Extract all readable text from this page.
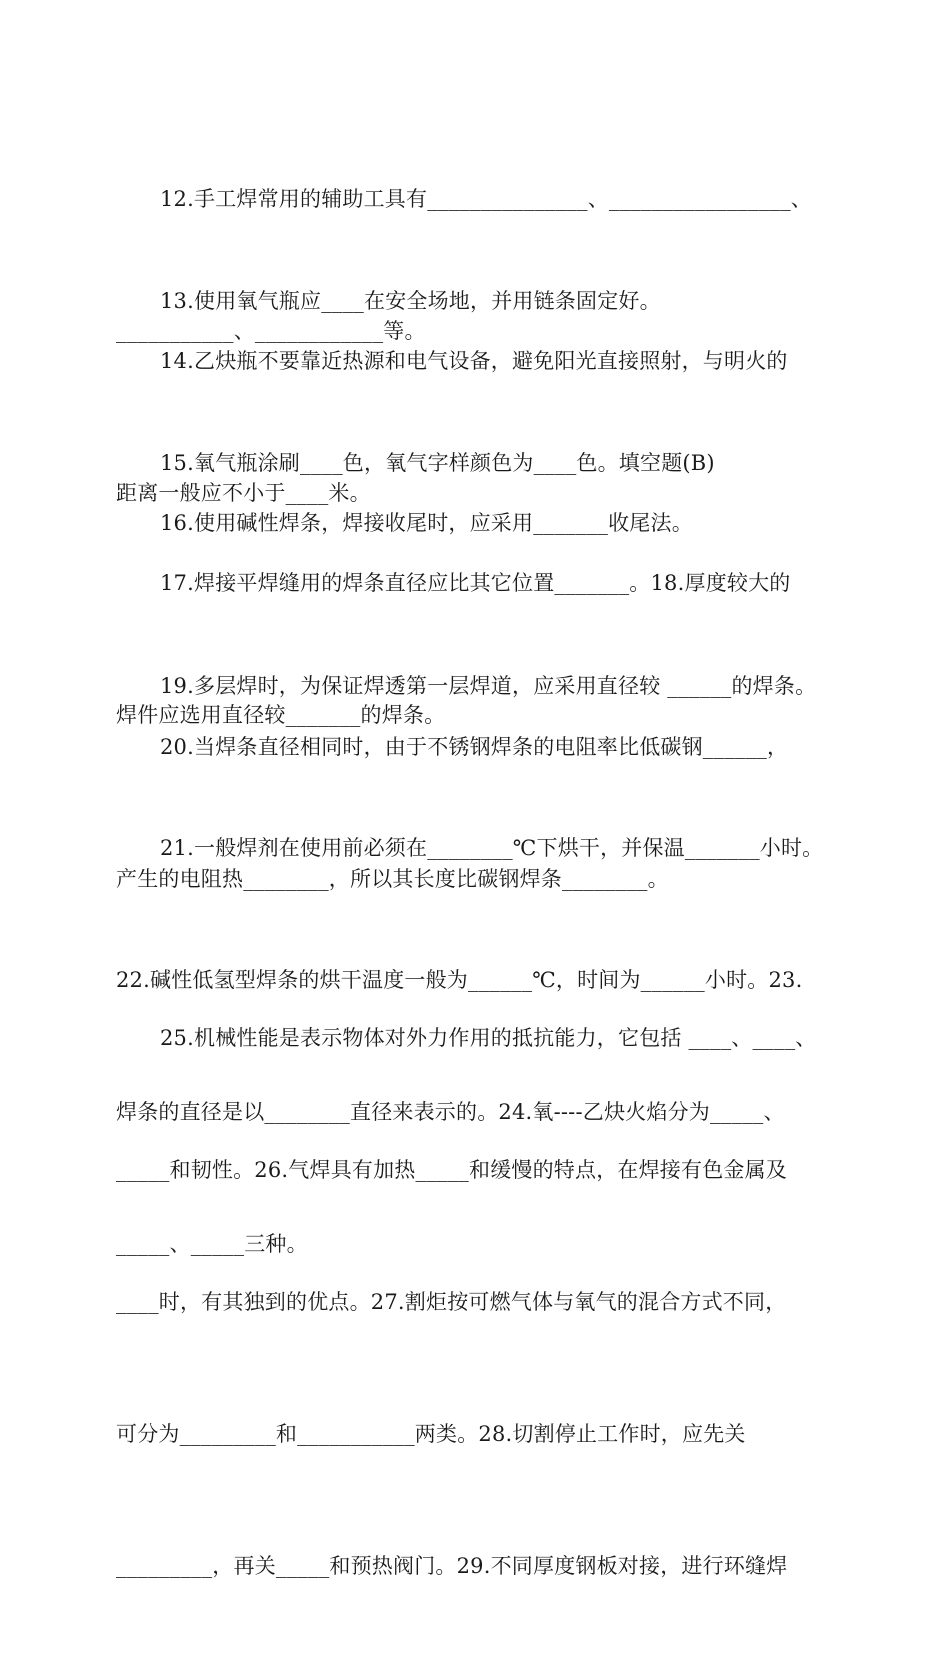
12.手工焊常用的辅助工具有_______________、_________________、

___________、____________等。

13.使用氧气瓶应____在安全场地，并用链条固定好。

14.乙炔瓶不要靠近热源和电气设备，避免阳光直接照射，与明火的

距离一般应不小于____米。

15.氧气瓶涂刷____色，氧气字样颜色为____色。填空题(B)

16.使用碱性焊条，焊接收尾时，应采用_______收尾法。

17.焊接平焊缝用的焊条直径应比其它位置_______。18.厚度较大的

焊件应选用直径较_______的焊条。

19.多层焊时，为保证焊透第一层焊道，应采用直径较 ______的焊条。

20.当焊条直径相同时，由于不锈钢焊条的电阻率比低碳钢______，

产生的电阻热________，所以其长度比碳钢焊条________。

21.一般焊剂在使用前必须在________℃下烘干，并保温_______小时。

22.碱性低氢型焊条的烘干温度一般为______℃，时间为______小时。23.

焊条的直径是以________直径来表示的。24.氧----乙炔火焰分为_____、

_____、_____三种。

25.机械性能是表示物体对外力作用的抵抗能力，它包括 ____、____、

_____和韧性。26.气焊具有加热_____和缓慢的特点，在焊接有色金属及

____时，有其独到的优点。27.割炬按可燃气体与氧气的混合方式不同，

可分为_________和___________两类。28.切割停止工作时，应先关

_________，再关_____和预热阀门。29.不同厚度钢板对接，进行环缝焊
